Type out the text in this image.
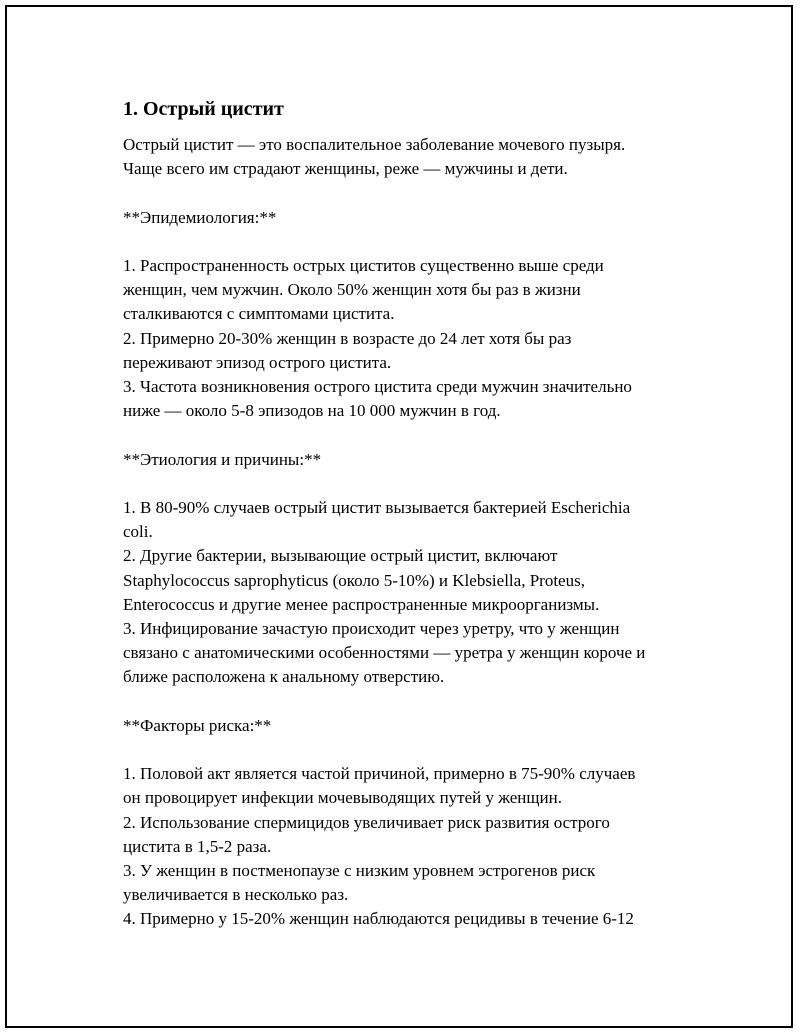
1. Острый цистит
Острый цистит — это воспалительное заболевание мочевого пузыря.
Чаще всего им страдают женщины, реже — мужчины и дети.
**Эпидемиология:**
1. Распространенность острых циститов существенно выше среди
женщин, чем мужчин. Около 50% женщин хотя бы раз в жизни
сталкиваются с симптомами цистита.
2. Примерно 20-30% женщин в возрасте до 24 лет хотя бы раз
переживают эпизод острого цистита.
3. Частота возникновения острого цистита среди мужчин значительно
ниже — около 5-8 эпизодов на 10 000 мужчин в год.
**Этиология и причины:**
1. В 80-90% случаев острый цистит вызывается бактерией Escherichia
coli.
2. Другие бактерии, вызывающие острый цистит, включают
Staphylococcus saprophyticus (около 5-10%) и Klebsiella, Proteus,
Enterococcus и другие менее распространенные микроорганизмы.
3. Инфицирование зачастую происходит через уретру, что у женщин
связано с анатомическими особенностями — уретра у женщин короче и
ближе расположена к анальному отверстию.
**Факторы риска:**
1. Половой акт является частой причиной, примерно в 75-90% случаев
он провоцирует инфекции мочевыводящих путей у женщин.
2. Использование спермицидов увеличивает риск развития острого
цистита в 1,5-2 раза.
3. У женщин в постменопаузе с низким уровнем эстрогенов риск
увеличивается в несколько раз.
4. Примерно у 15-20% женщин наблюдаются рецидивы в течение 6-12
